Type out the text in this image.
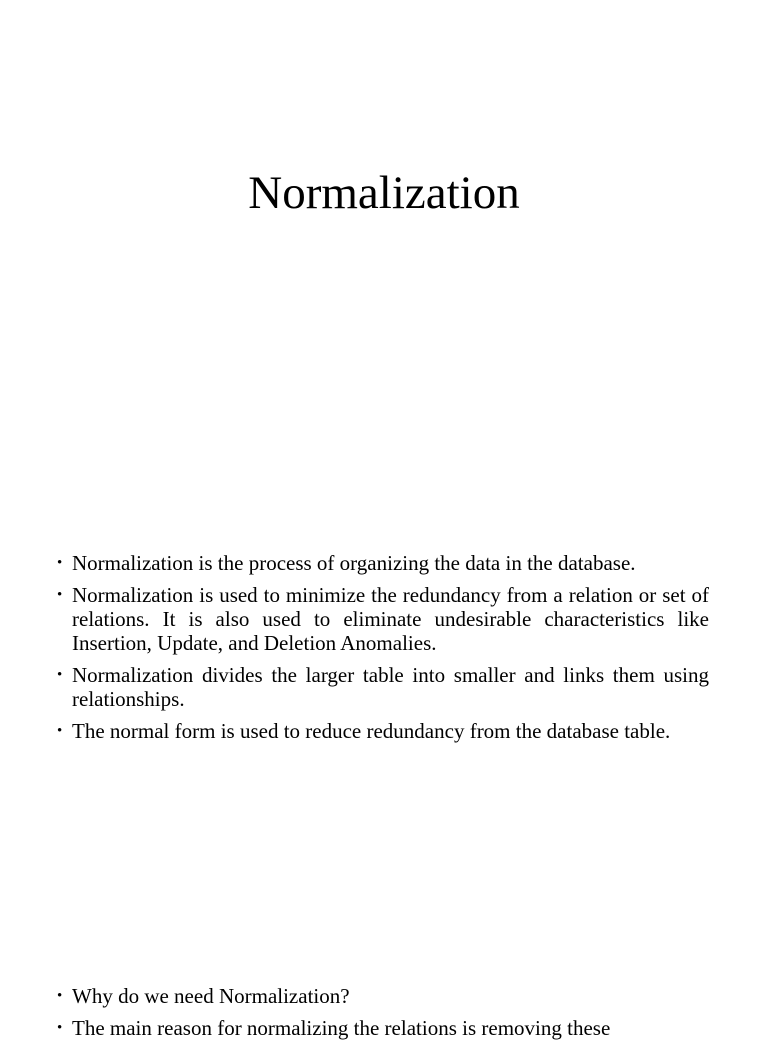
Normalization
• Normalization is the process of organizing the data in the database.
• Normalization is used to minimize the redundancy from a relation or set of relations. It is also used to eliminate undesirable characteristics like Insertion, Update, and Deletion Anomalies.
• Normalization divides the larger table into smaller and links them using relationships.
• The normal form is used to reduce redundancy from the database table.
• Why do we need Normalization?
• The main reason for normalizing the relations is removing these
